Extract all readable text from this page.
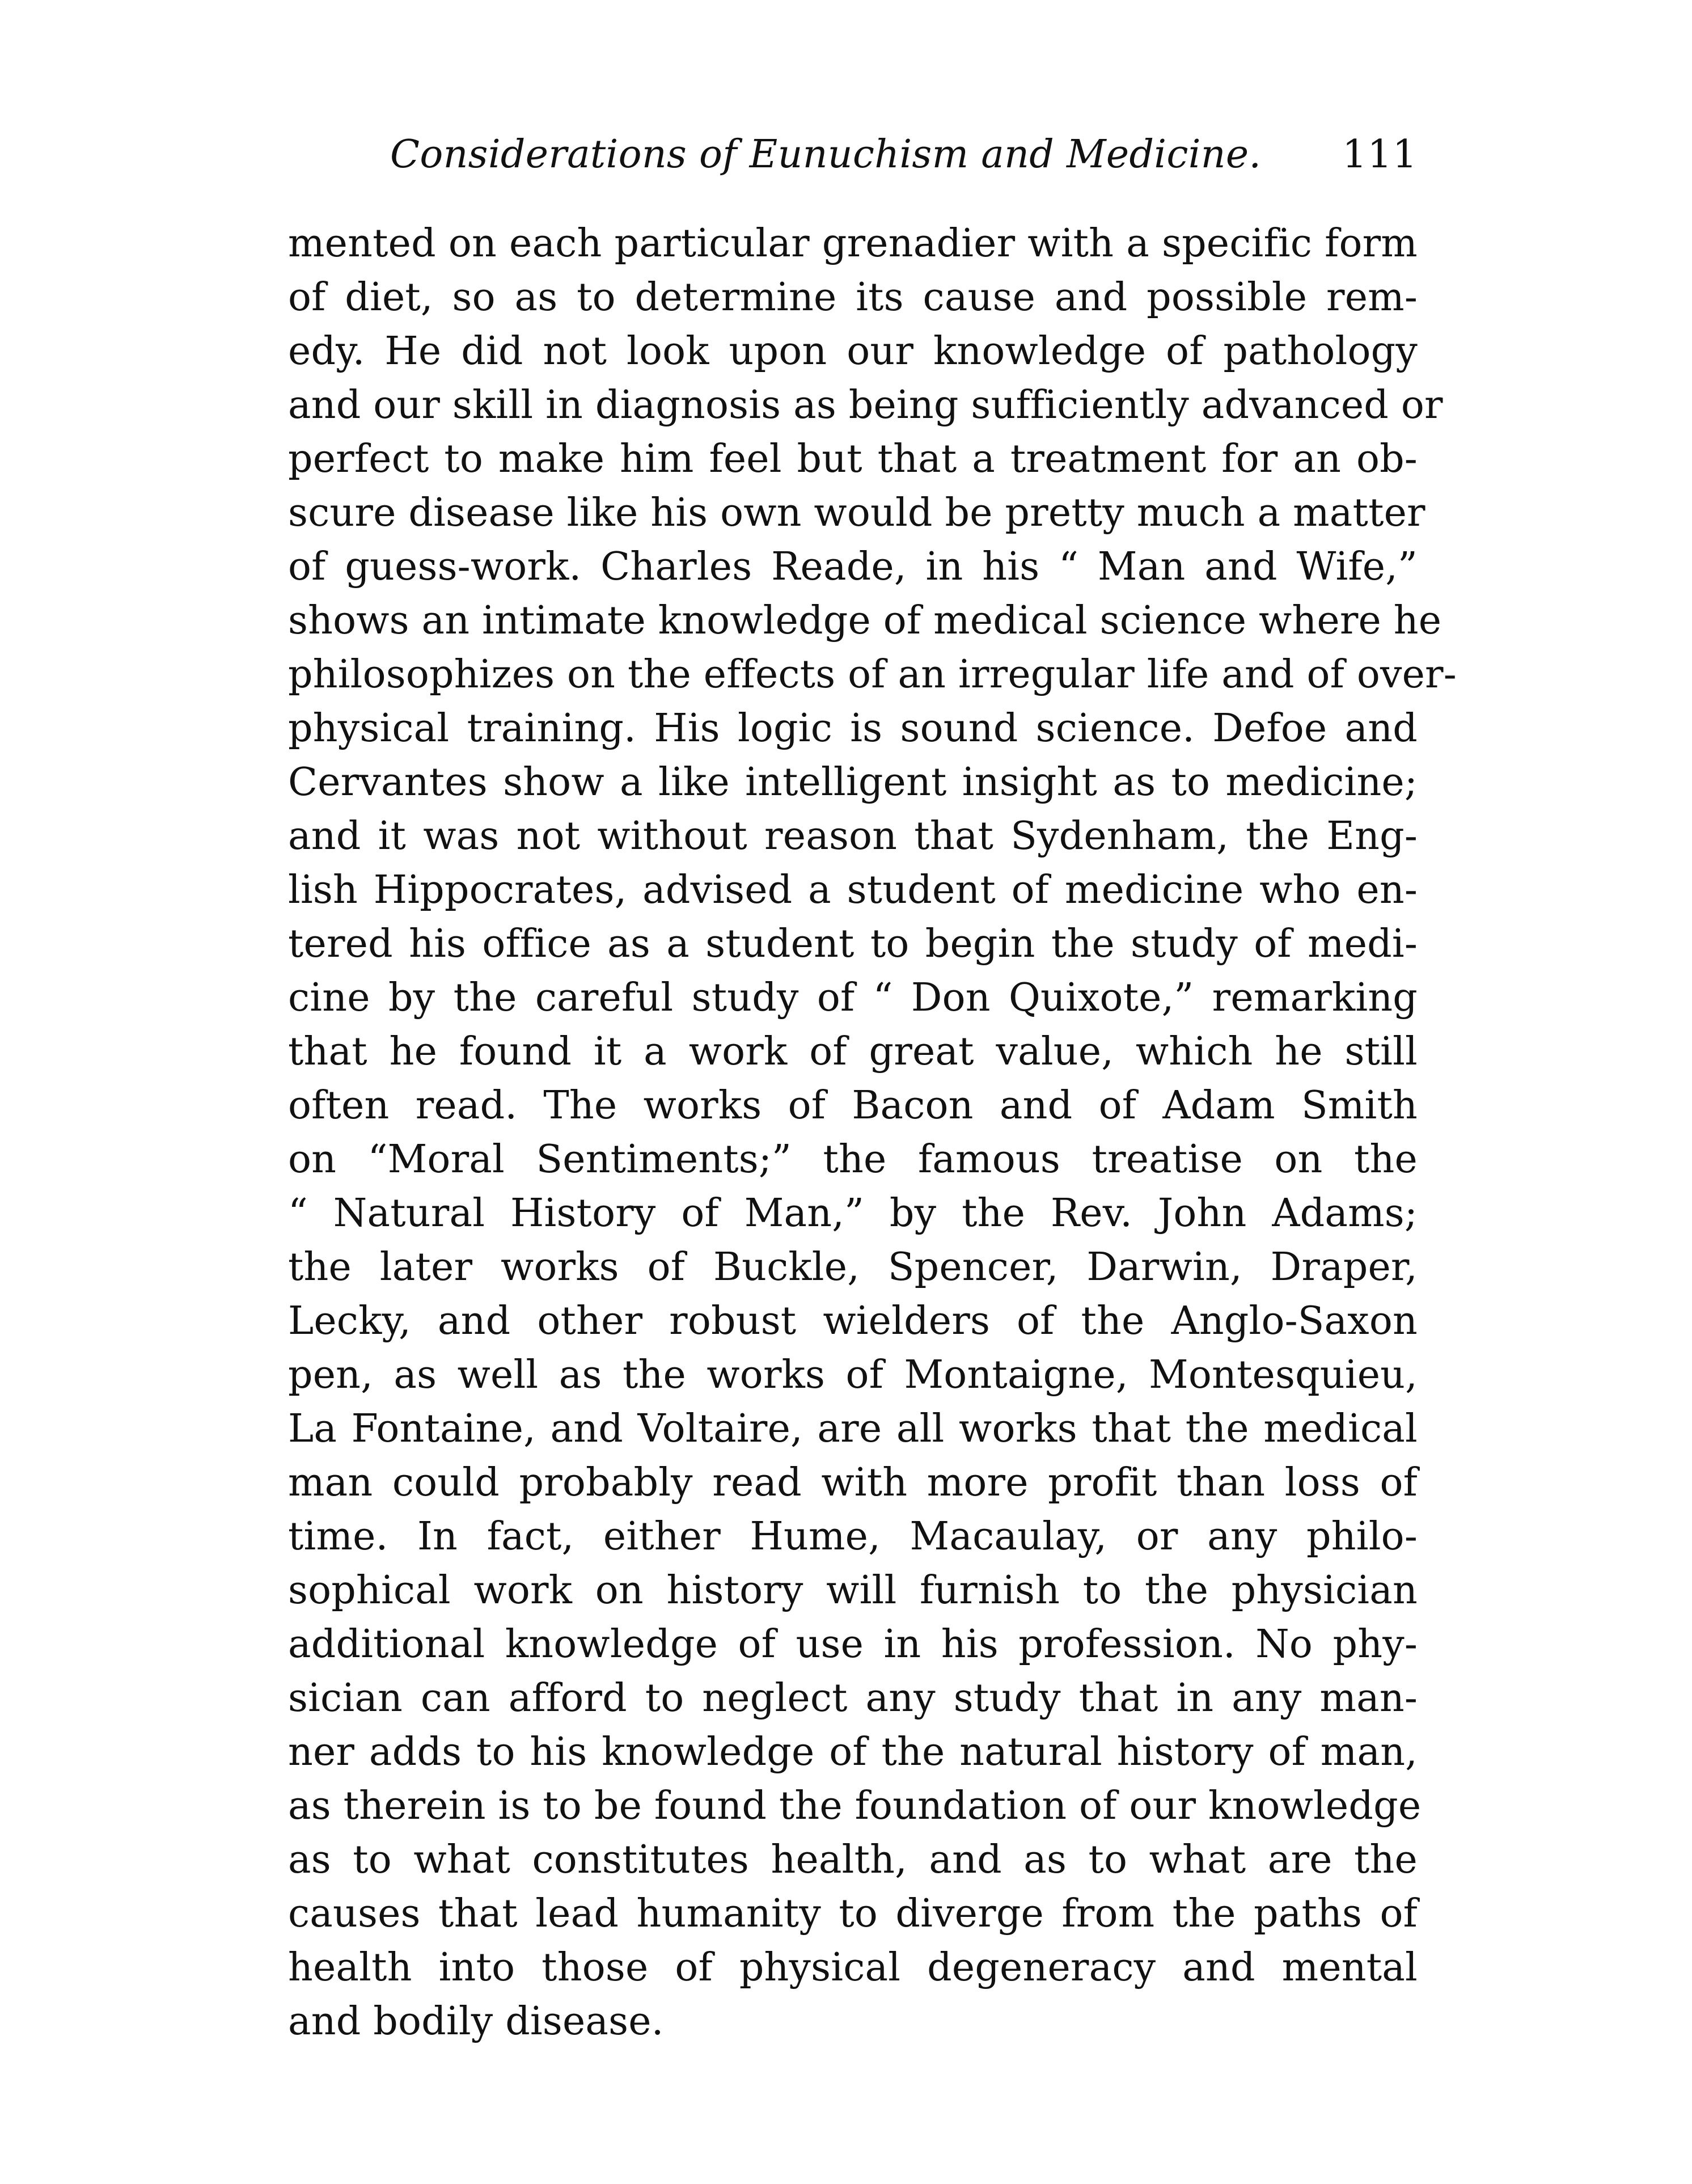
Considerations of Eunuchism and Medicine. 111
mented on each particular grenadier with a specific form
of diet, so as to determine its cause and possible rem-
edy. He did not look upon our knowledge of pathology
and our skill in diagnosis as being sufficiently advanced or
perfect to make him feel but that a treatment for an ob-
scure disease like his own would be pretty much a matter
of guess-work. Charles Reade, in his “ Man and Wife,”
shows an intimate knowledge of medical science where he
philosophizes on the effects of an irregular life and of over-
physical training. His logic is sound science. Defoe and
Cervantes show a like intelligent insight as to medicine;
and it was not without reason that Sydenham, the Eng-
lish Hippocrates, advised a student of medicine who en-
tered his office as a student to begin the study of medi-
cine by the careful study of “ Don Quixote,” remarking
that he found it a work of great value, which he still
often read. The works of Bacon and of Adam Smith
on “Moral Sentiments;” the famous treatise on the
“ Natural History of Man,” by the Rev. John Adams;
the later works of Buckle, Spencer, Darwin, Draper,
Lecky, and other robust wielders of the Anglo-Saxon
pen, as well as the works of Montaigne, Montesquieu,
La Fontaine, and Voltaire, are all works that the medical
man could probably read with more profit than loss of
time. In fact, either Hume, Macaulay, or any philo-
sophical work on history will furnish to the physician
additional knowledge of use in his profession. No phy-
sician can afford to neglect any study that in any man-
ner adds to his knowledge of the natural history of man,
as therein is to be found the foundation of our knowledge
as to what constitutes health, and as to what are the
causes that lead humanity to diverge from the paths of
health into those of physical degeneracy and mental
and bodily disease.
